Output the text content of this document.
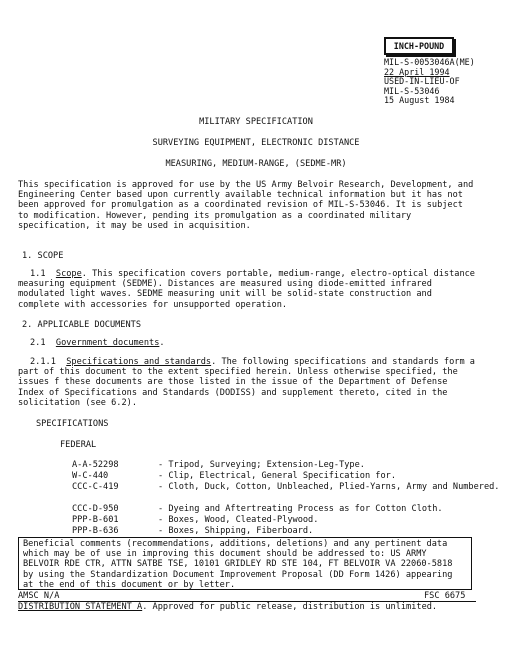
INCH-POUND
MIL-S-0053046A(ME)
22 April 1994
USED-IN-LIEU-OF
MIL-S-53046
15 August 1984
MILITARY SPECIFICATION
SURVEYING EQUIPMENT, ELECTRONIC DISTANCE
MEASURING, MEDIUM-RANGE, (SEDME-MR)

This specification is approved for use by the US Army Belvoir Research, Development, and Engineering Center based upon currently available technical information but it has not been approved for promulgation as a coordinated revision of MIL-S-53046. It is subject to modification. However, pending its promulgation as a coordinated military specification, it may be used in acquisition.

1. SCOPE

1.1 Scope. This specification covers portable, medium-range, electro-optical distance measuring equipment (SEDME). Distances are measured using diode-emitted infrared modulated light waves. SEDME measuring unit will be solid-state construction and complete with accessories for unsupported operation.

2. APPLICABLE DOCUMENTS
2.1 Government documents.

2.1.1 Specifications and standards. The following specifications and standards form a part of this document to the extent specified herein. Unless otherwise specified, the issues f these documents are those listed in the issue of the Department of Defense Index of Specifications and Standards (DODISS) and supplement thereto, cited in the solicitation (see 6.2).

SPECIFICATIONS
FEDERAL
A-A-52298	- Tripod, Surveying; Extension-Leg-Type.
W-C-440	- Clip, Electrical, General Specification for.
CCC-C-419	- Cloth, Duck, Cotton, Unbleached, Plied-Yarns, Army and Numbered.
CCC-D-950	- Dyeing and Aftertreating Process as for Cotton Cloth.
PPP-B-601	- Boxes, Wood, Cleated-Plywood.
PPP-B-636	- Boxes, Shipping, Fiberboard.
Beneficial comments (recommendations, additions, deletions) and any pertinent data which may be of use in improving this document should be addressed to: US ARMY BELVOIR RDE CTR, ATTN SATBE TSE, 10101 GRIDLEY RD STE 104, FT BELVOIR VA 22060-5818 by using the Standardization Document Improvement Proposal (DD Form 1426) appearing at the end of this document or by letter.
AMSC N/A	FSC 6675
DISTRIBUTION STATEMENT A. Approved for public release, distribution is unlimited.
